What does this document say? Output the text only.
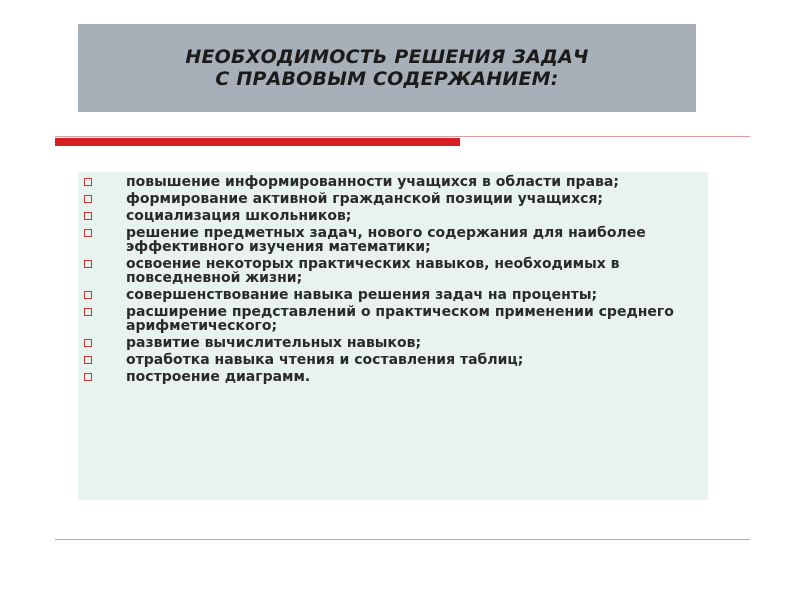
НЕОБХОДИМОСТЬ РЕШЕНИЯ ЗАДАЧ
С ПРАВОВЫМ СОДЕРЖАНИЕМ:
повышение информированности учащихся в области права;
формирование активной гражданской позиции учащихся;
социализация школьников;
решение предметных задач, нового содержания для наиболее эффективного изучения математики;
освоение некоторых практических навыков, необходимых в повседневной жизни;
совершенствование навыка решения задач на проценты;
расширение представлений о практическом применении среднего арифметического;
развитие вычислительных навыков;
отработка навыка чтения и составления таблиц;
построение диаграмм.
